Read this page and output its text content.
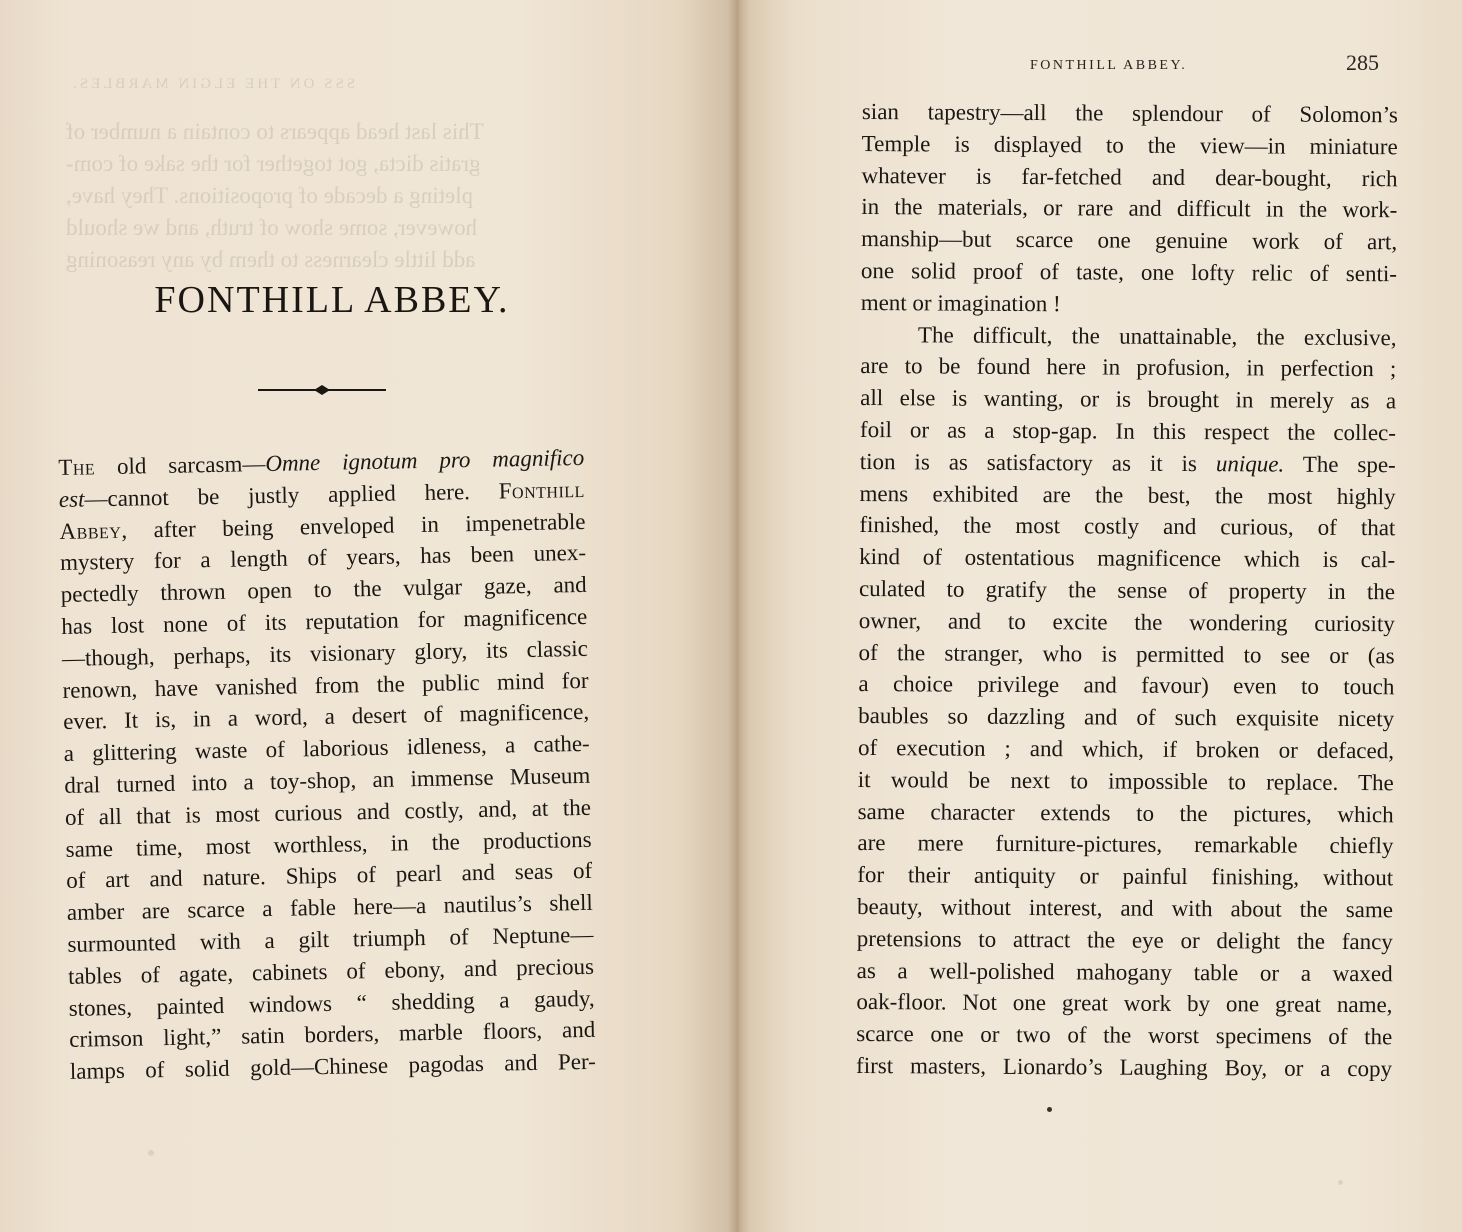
SSS ON THE ELGIN MARBLES.
This last head appears to contain a number of
gratis dicta, got together for the sake of com-
pleting a decade of propositions. They have,
however, some show of truth, and we should
add little clearness to them by any reasoning
FONTHILL ABBEY.
The old sarcasm—Omne ignotum pro magnifico
est—cannot be justly applied here. Fonthill
Abbey, after being enveloped in impenetrable
mystery for a length of years, has been unex-
pectedly thrown open to the vulgar gaze, and
has lost none of its reputation for magnificence
—though, perhaps, its visionary glory, its classic
renown, have vanished from the public mind for
ever. It is, in a word, a desert of magnificence,
a glittering waste of laborious idleness, a cathe-
dral turned into a toy-shop, an immense Museum
of all that is most curious and costly, and, at the
same time, most worthless, in the productions
of art and nature. Ships of pearl and seas of
amber are scarce a fable here—a nautilus’s shell
surmounted with a gilt triumph of Neptune—
tables of agate, cabinets of ebony, and precious
stones, painted windows “ shedding a gaudy,
crimson light,” satin borders, marble floors, and
lamps of solid gold—Chinese pagodas and Per-
FONTHILL ABBEY.	285
sian tapestry—all the splendour of Solomon’s
Temple is displayed to the view—in miniature
whatever is far-fetched and dear-bought, rich
in the materials, or rare and difficult in the work-
manship—but scarce one genuine work of art,
one solid proof of taste, one lofty relic of senti-
ment or imagination !
The difficult, the unattainable, the exclusive,
are to be found here in profusion, in perfection ;
all else is wanting, or is brought in merely as a
foil or as a stop-gap. In this respect the collec-
tion is as satisfactory as it is unique. The spe-
mens exhibited are the best, the most highly
finished, the most costly and curious, of that
kind of ostentatious magnificence which is cal-
culated to gratify the sense of property in the
owner, and to excite the wondering curiosity
of the stranger, who is permitted to see or (as
a choice privilege and favour) even to touch
baubles so dazzling and of such exquisite nicety
of execution ; and which, if broken or defaced,
it would be next to impossible to replace. The
same character extends to the pictures, which
are mere furniture-pictures, remarkable chiefly
for their antiquity or painful finishing, without
beauty, without interest, and with about the same
pretensions to attract the eye or delight the fancy
as a well-polished mahogany table or a waxed
oak-floor. Not one great work by one great name,
scarce one or two of the worst specimens of the
first masters, Lionardo’s Laughing Boy, or a copy
